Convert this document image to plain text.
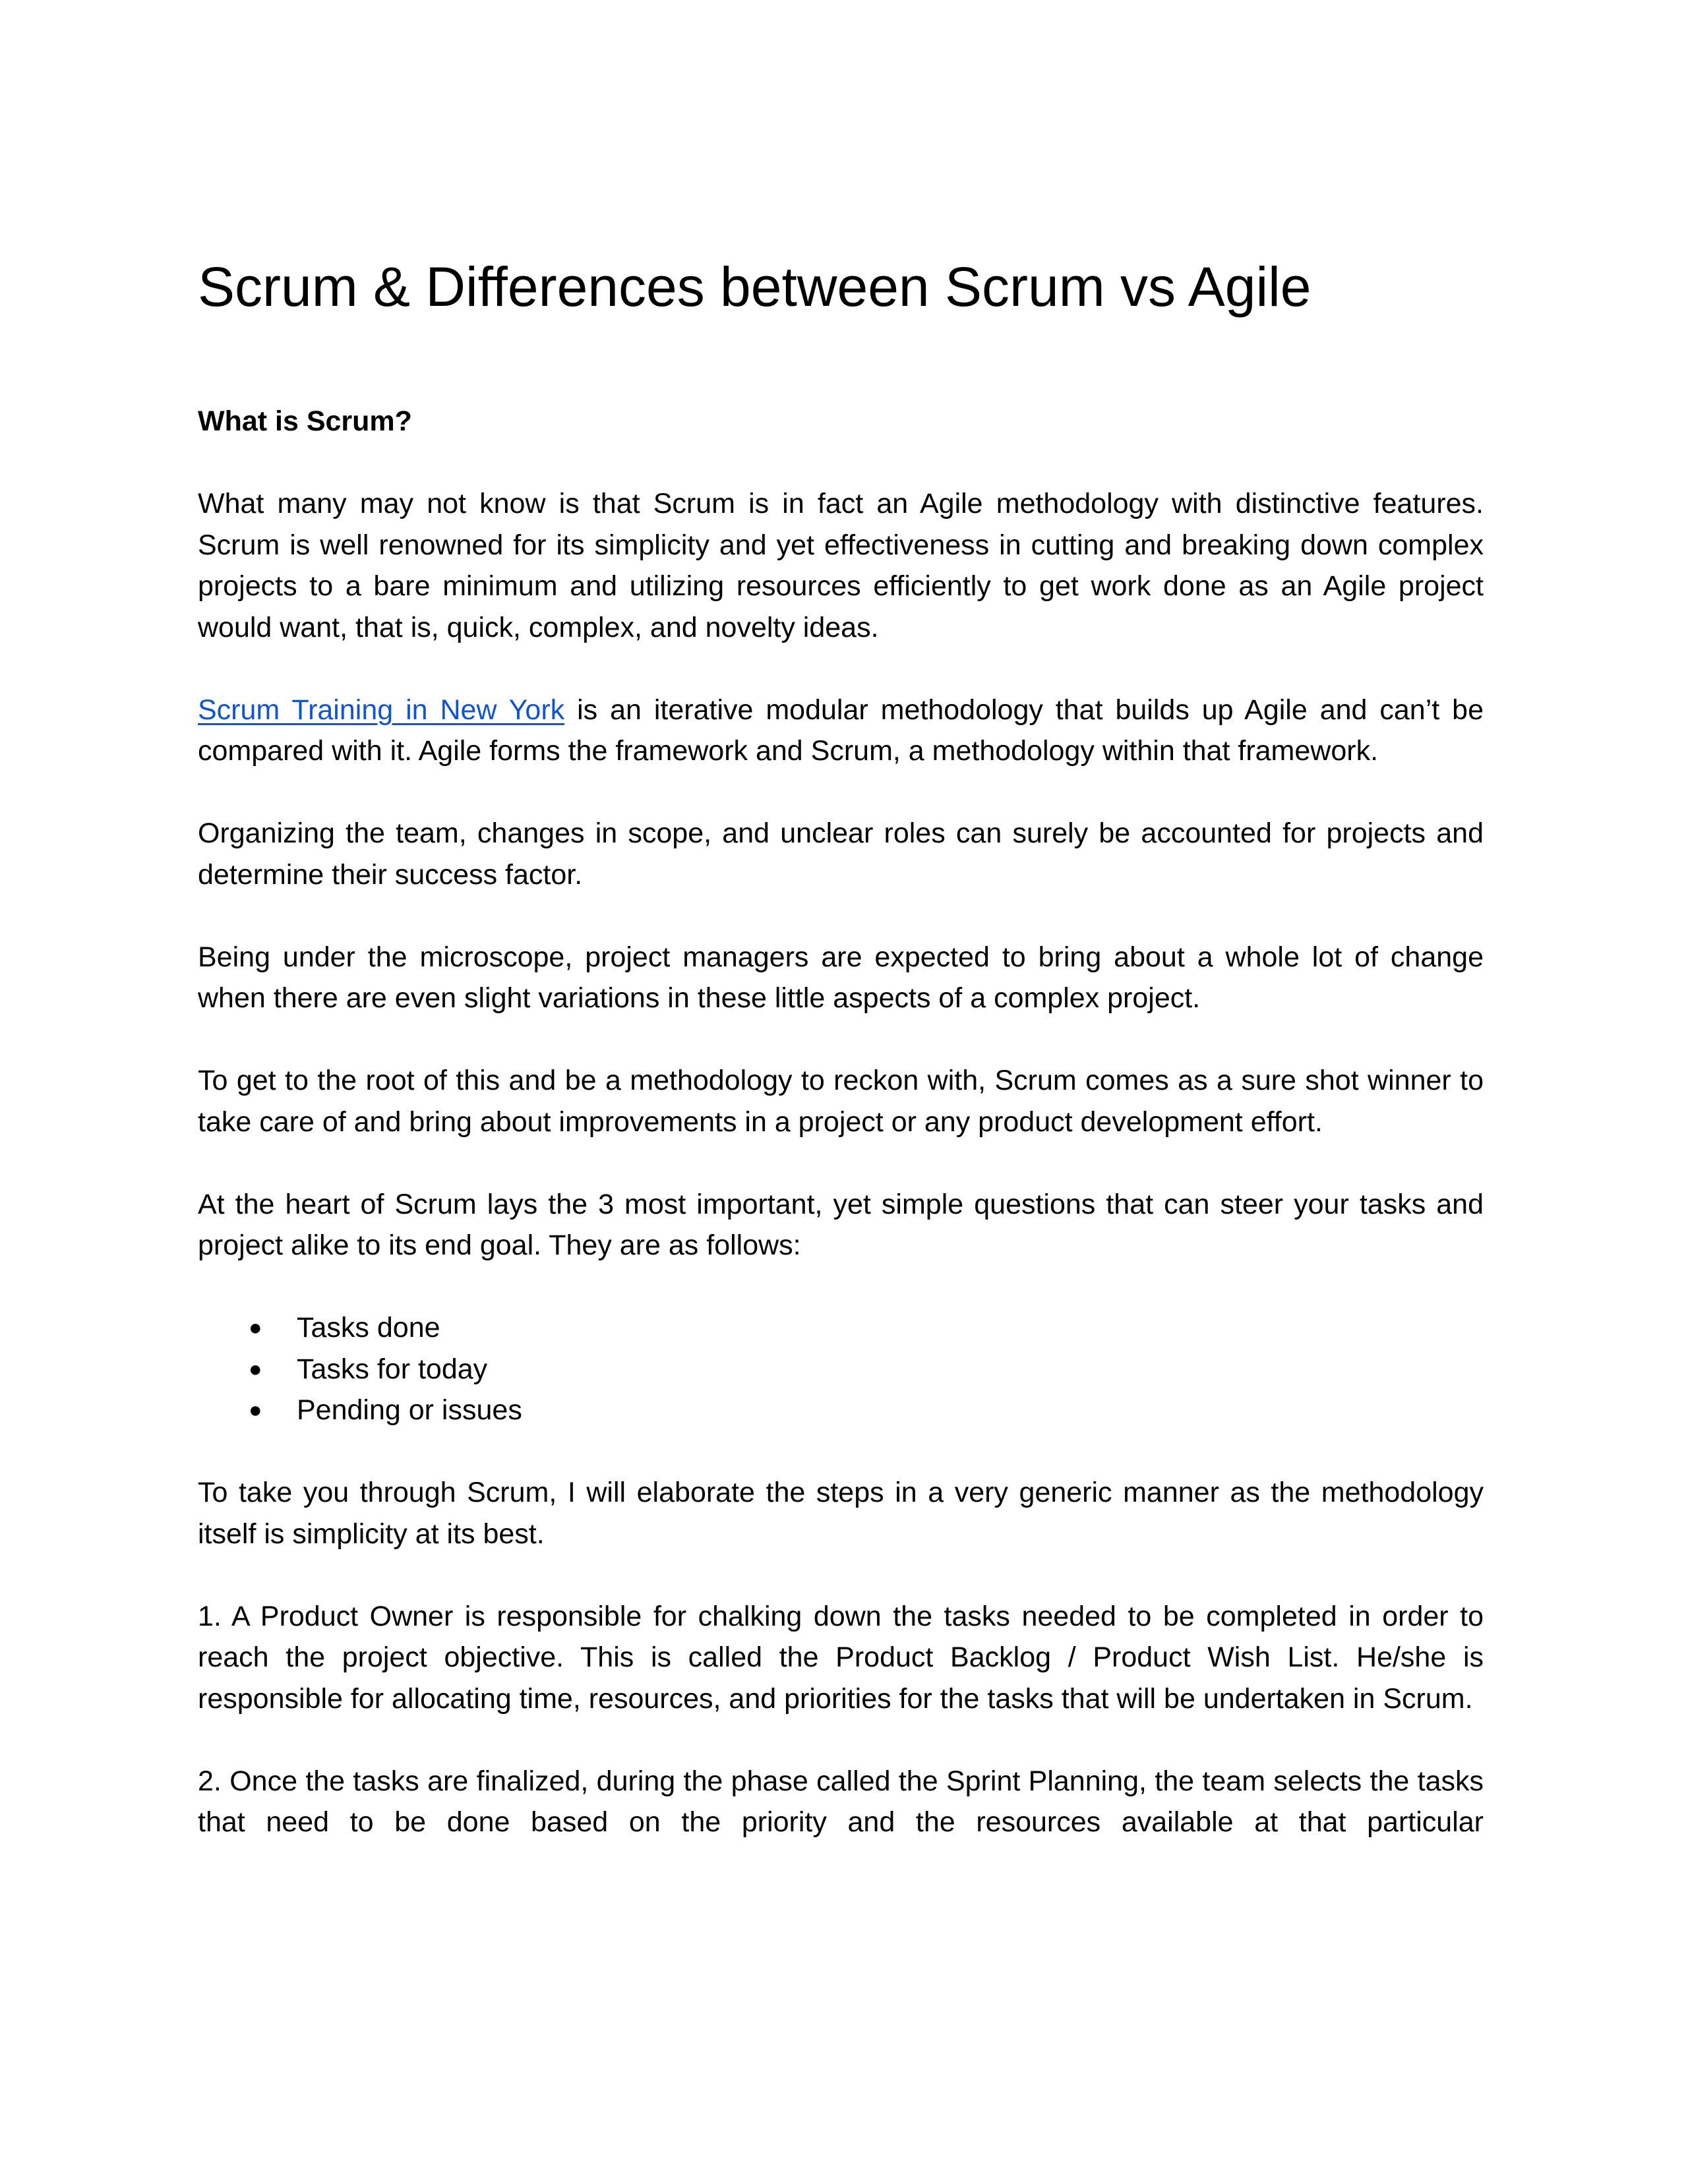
Scrum & Differences between Scrum vs Agile
What is Scrum?

What many may not know is that Scrum is in fact an Agile methodology with distinctive features. Scrum is well renowned for its simplicity and yet effectiveness in cutting and breaking down complex projects to a bare minimum and utilizing resources efficiently to get work done as an Agile project would want, that is, quick, complex, and novelty ideas.

Scrum Training in New York is an iterative modular methodology that builds up Agile and can’t be compared with it. Agile forms the framework and Scrum, a methodology within that framework.

Organizing the team, changes in scope, and unclear roles can surely be accounted for projects and determine their success factor.

Being under the microscope, project managers are expected to bring about a whole lot of change when there are even slight variations in these little aspects of a complex project.

To get to the root of this and be a methodology to reckon with, Scrum comes as a sure shot winner to take care of and bring about improvements in a project or any product development effort.

At the heart of Scrum lays the 3 most important, yet simple questions that can steer your tasks and project alike to its end goal. They are as follows:

● Tasks done
● Tasks for today
● Pending or issues

To take you through Scrum, I will elaborate the steps in a very generic manner as the methodology itself is simplicity at its best.

1. A Product Owner is responsible for chalking down the tasks needed to be completed in order to reach the project objective. This is called the Product Backlog / Product Wish List. He/she is responsible for allocating time, resources, and priorities for the tasks that will be undertaken in Scrum.

2. Once the tasks are finalized, during the phase called the Sprint Planning, the team selects the tasks that need to be done based on the priority and the resources available at that particular
